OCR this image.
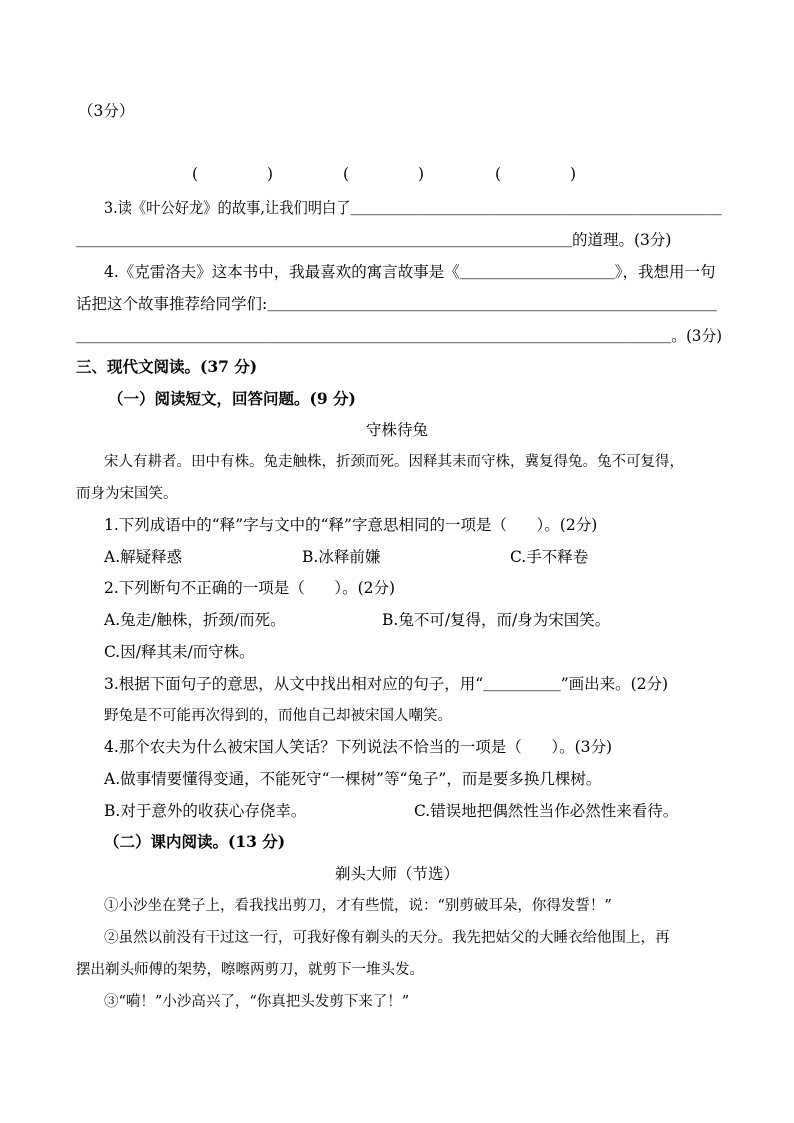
（3分）
(              )	(              )	(              )
3.读《叶公好龙》的故事,让我们明白了＿＿＿＿＿＿＿＿＿＿＿＿＿＿＿＿＿＿＿＿＿＿＿＿＿＿
＿＿＿＿＿＿＿＿＿＿＿＿＿＿＿＿＿＿＿＿＿＿＿＿＿＿＿＿＿＿＿＿的道理。(3分)
4.《克雷洛夫》这本书中，我最喜欢的寓言故事是《＿＿＿＿＿＿＿＿＿＿》，我想用一句
话把这个故事推荐给同学们:＿＿＿＿＿＿＿＿＿＿＿＿＿＿＿＿＿＿＿＿＿＿＿＿＿＿＿＿＿
＿＿＿＿＿＿＿＿＿＿＿＿＿＿＿＿＿＿＿＿＿＿＿＿＿＿＿＿＿＿＿＿＿＿＿＿＿＿＿＿。(3分)
三、现代文阅读。(37 分)
（一）阅读短文，回答问题。(9 分)
守株待兔
宋人有耕者。田中有株。兔走触株，折颈而死。因释其耒而守株，冀复得兔。兔不可复得，
而身为宋国笑。
1.下列成语中的“释”字与文中的“释”字意思相同的一项是（      ）。(2分)
A.解疑释惑	B.冰释前嫌	C.手不释卷
2.下列断句不正确的一项是（      ）。(2分)
A.兔走/触株，折颈/而死。	B.兔不可/复得，而/身为宋国笑。
C.因/释其耒/而守株。
3.根据下面句子的意思，从文中找出相对应的句子，用“＿＿＿＿＿”画出来。(2分)
野兔是不可能再次得到的，而他自己却被宋国人嘲笑。
4.那个农夫为什么被宋国人笑话？下列说法不恰当的一项是（      ）。(3分)
A.做事情要懂得变通，不能死守“一棵树”等“兔子”，而是要多换几棵树。
B.对于意外的收获心存侥幸。	C.错误地把偶然性当作必然性来看待。
（二）课内阅读。(13 分)
剃头大师（节选）
①小沙坐在凳子上，看我找出剪刀，才有些慌，说：“别剪破耳朵，你得发誓！”
②虽然以前没有干过这一行，可我好像有剃头的天分。我先把姑父的大睡衣给他围上，再
摆出剃头师傅的架势，嚓嚓两剪刀，就剪下一堆头发。
③“嗬！”小沙高兴了，“你真把头发剪下来了！”
